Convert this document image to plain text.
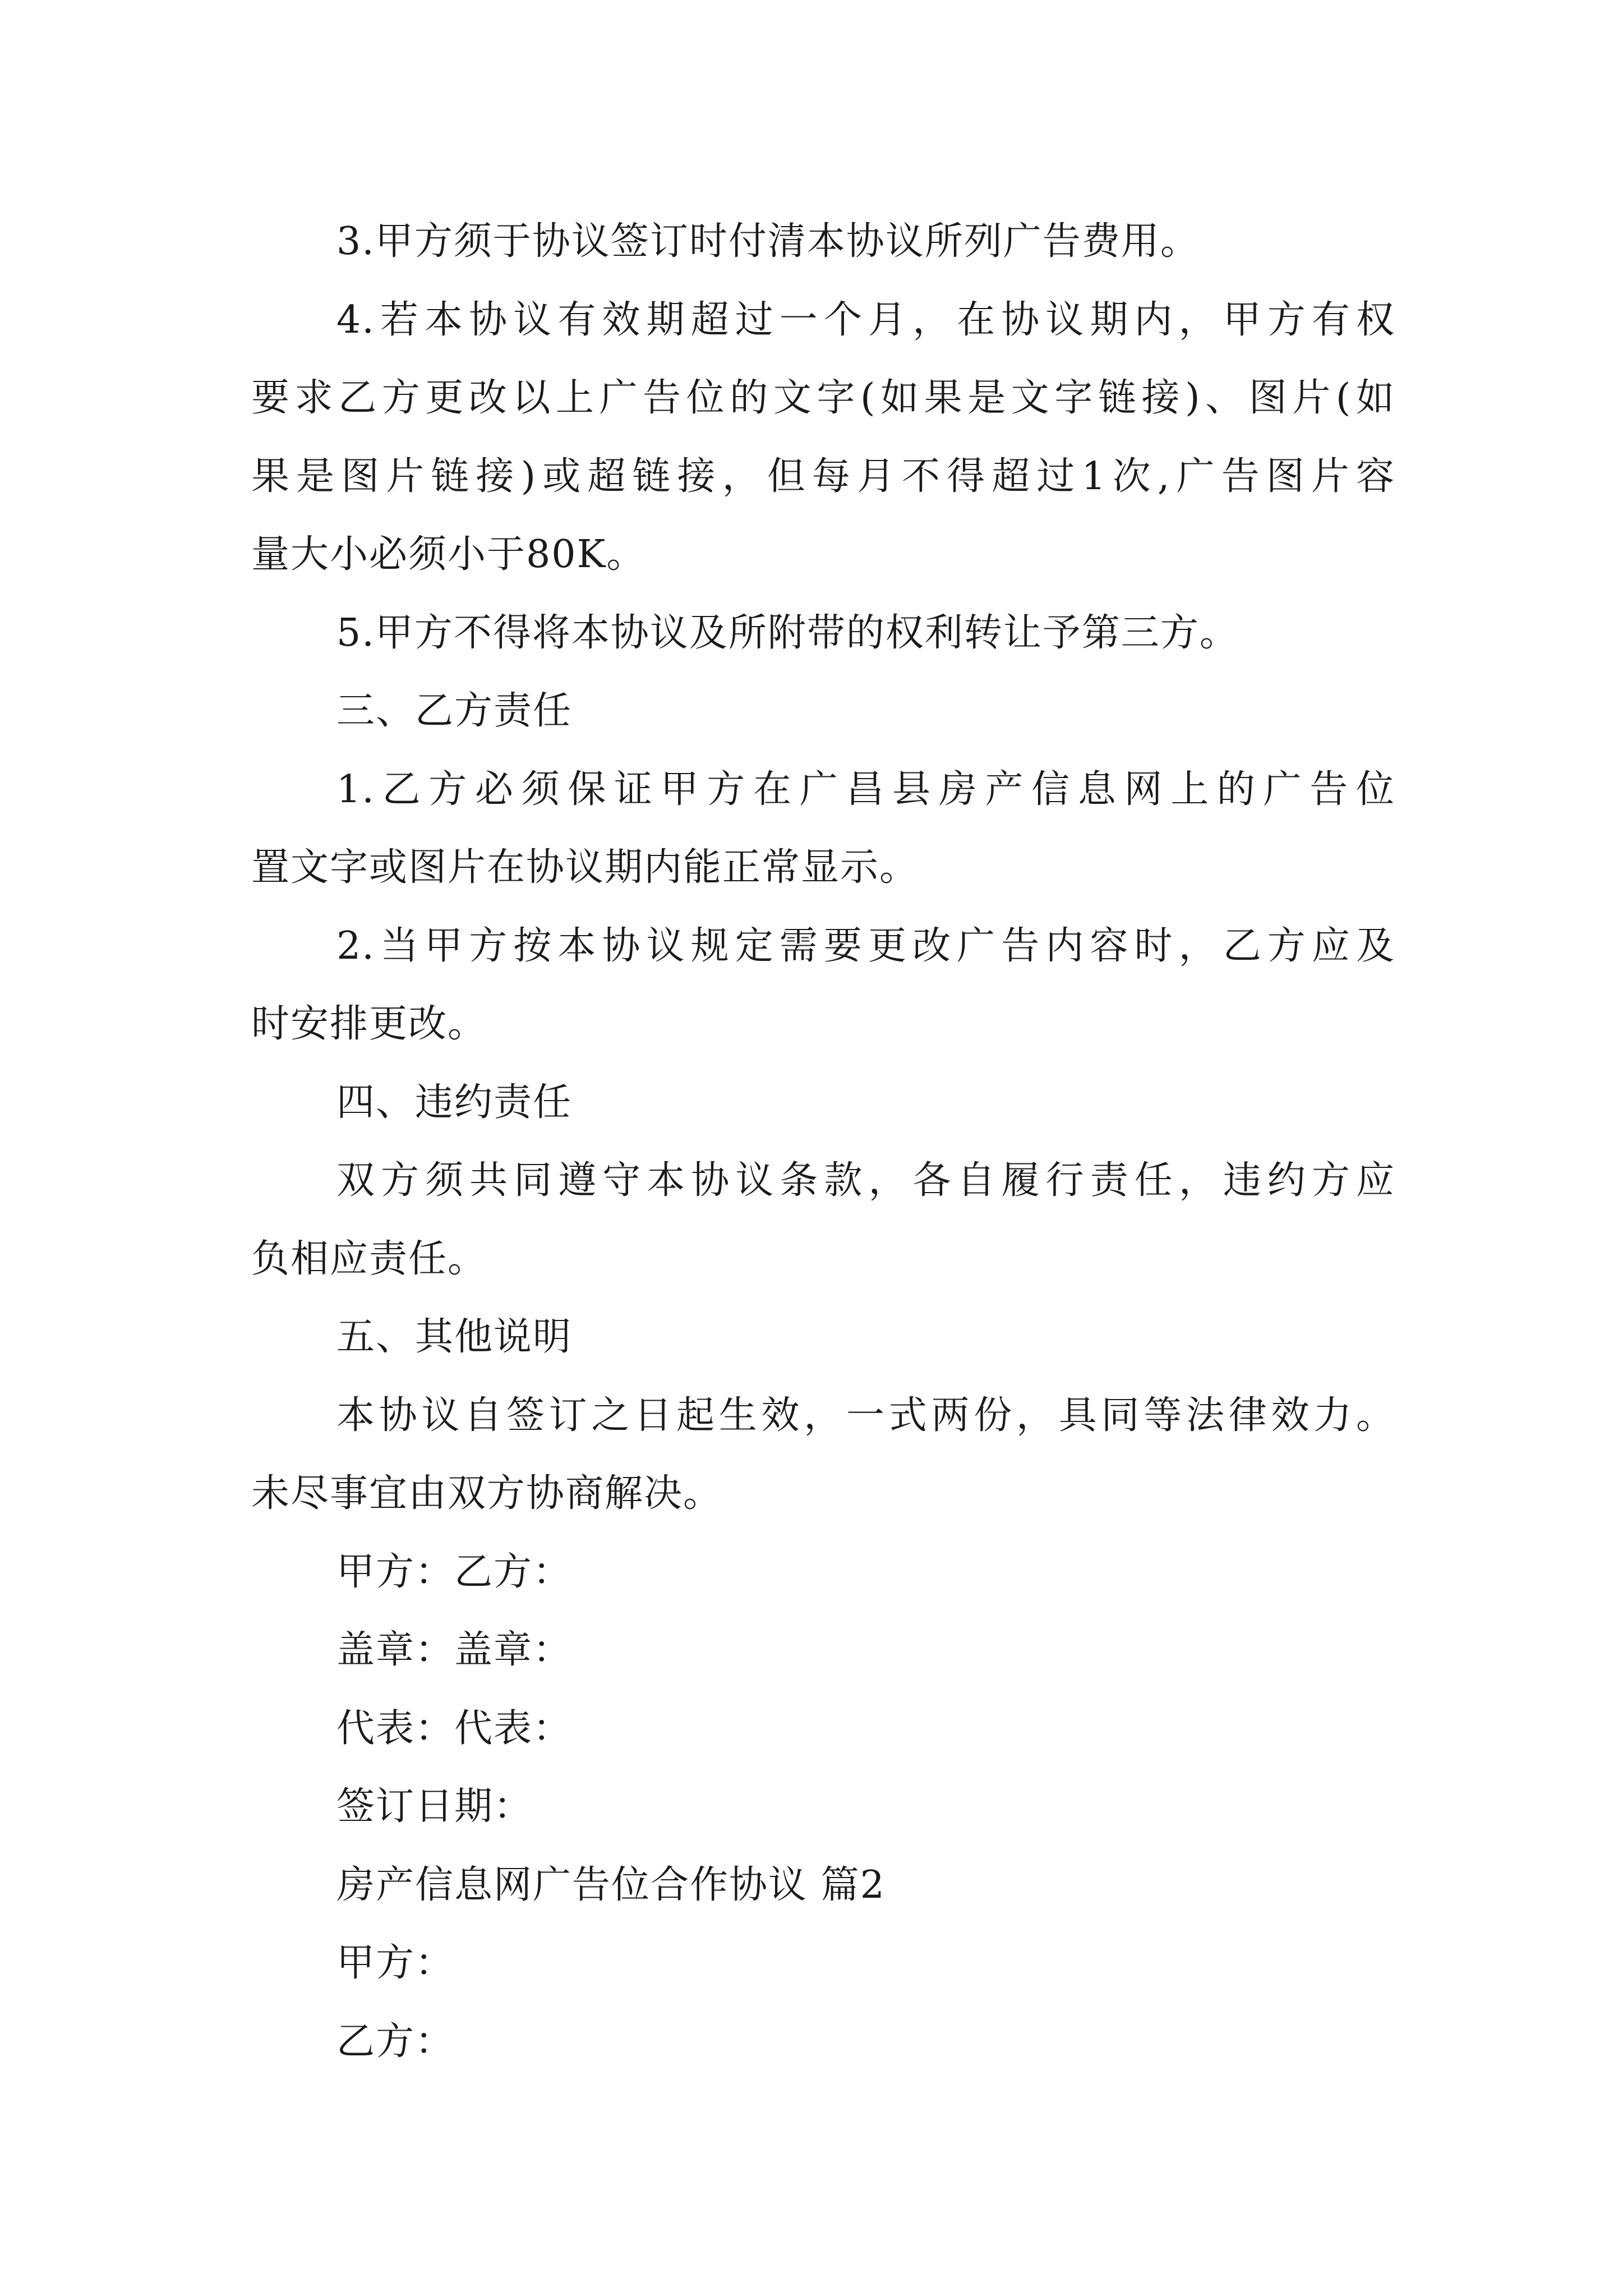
3.甲方须于协议签订时付清本协议所列广告费用。
4.若本协议有效期超过一个月，在协议期内，甲方有权
要求乙方更改以上广告位的文字(如果是文字链接)、图片(如
果是图片链接)或超链接，但每月不得超过1次,广告图片容
量大小必须小于80K。
5.甲方不得将本协议及所附带的权利转让予第三方。
三、乙方责任
1.乙方必须保证甲方在广昌县房产信息网上的广告位
置文字或图片在协议期内能正常显示。
2.当甲方按本协议规定需要更改广告内容时，乙方应及
时安排更改。
四、违约责任
双方须共同遵守本协议条款，各自履行责任，违约方应
负相应责任。
五、其他说明
本协议自签订之日起生效，一式两份，具同等法律效力。
未尽事宜由双方协商解决。
甲方：乙方：
盖章：盖章：
代表：代表：
签订日期：
房产信息网广告位合作协议 篇2
甲方：
乙方：
